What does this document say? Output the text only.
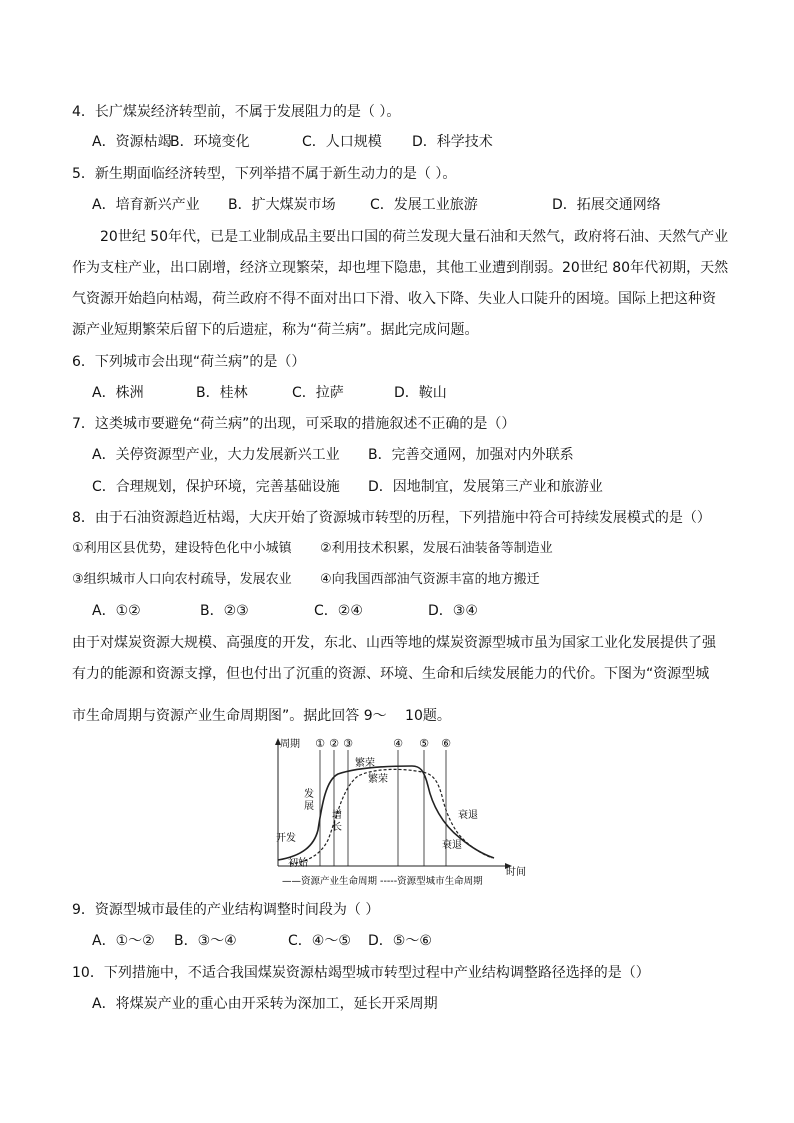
4．长广煤炭经济转型前，不属于发展阻力的是（ ）。
A．资源枯竭
B．环境变化	C．人口规模	D．科学技术
5．新生期面临经济转型，下列举措不属于新生动力的是（ ）。
A．培育新兴产业	B．扩大煤炭市场	C．发展工业旅游	D．拓展交通网络
20世纪 50年代，已是工业制成品主要出口国的荷兰发现大量石油和天然气，政府将石油、天然气产业
作为支柱产业，出口剧增，经济立现繁荣，却也埋下隐患，其他工业遭到削弱。20世纪 80年代初期，天然
气资源开始趋向枯竭，荷兰政府不得不面对出口下滑、收入下降、失业人口陡升的困境。国际上把这种资
源产业短期繁荣后留下的后遗症，称为“荷兰病”。据此完成问题。
6．下列城市会出现“荷兰病”的是（）
A．株洲	B．桂林	C．拉萨	D．鞍山
7．这类城市要避免“荷兰病”的出现，可采取的措施叙述不正确的是（）
A．关停资源型产业，大力发展新兴工业	B．完善交通网，加强对内外联系
C．合理规划，保护环境，完善基础设施	D．因地制宜，发展第三产业和旅游业
8．由于石油资源趋近枯竭，大庆开始了资源城市转型的历程，下列措施中符合可持续发展模式的是（）
①利用区县优势，建设特色化中小城镇	②利用技术积累，发展石油装备等制造业
③组织城市人口向农村疏导，发展农业	④向我国西部油气资源丰富的地方搬迁
A．①②	B．②③	C．②④	D．③④
由于对煤炭资源大规模、高强度的开发，东北、山西等地的煤炭资源型城市虽为国家工业化发展提供了强
有力的能源和资源支撑，但也付出了沉重的资源、环境、生命和后续发展能力的代价。下图为“资源型城
市生命周期与资源产业生命周期图”。据此回答 9～　 10题。
周期
时间
① ② ③	④ ⑤ ⑥
开发
发
展
繁荣
衰退
初始
增
长
繁荣
衰退
——资源产业生命周期 -----资源型城市生命周期
9．资源型城市最佳的产业结构调整时间段为（ ）
A．①～②	B．③～④	C．④～⑤	D．⑤～⑥
10．下列措施中，不适合我国煤炭资源枯竭型城市转型过程中产业结构调整路径选择的是（）
A．将煤炭产业的重心由开采转为深加工，延长开采周期
